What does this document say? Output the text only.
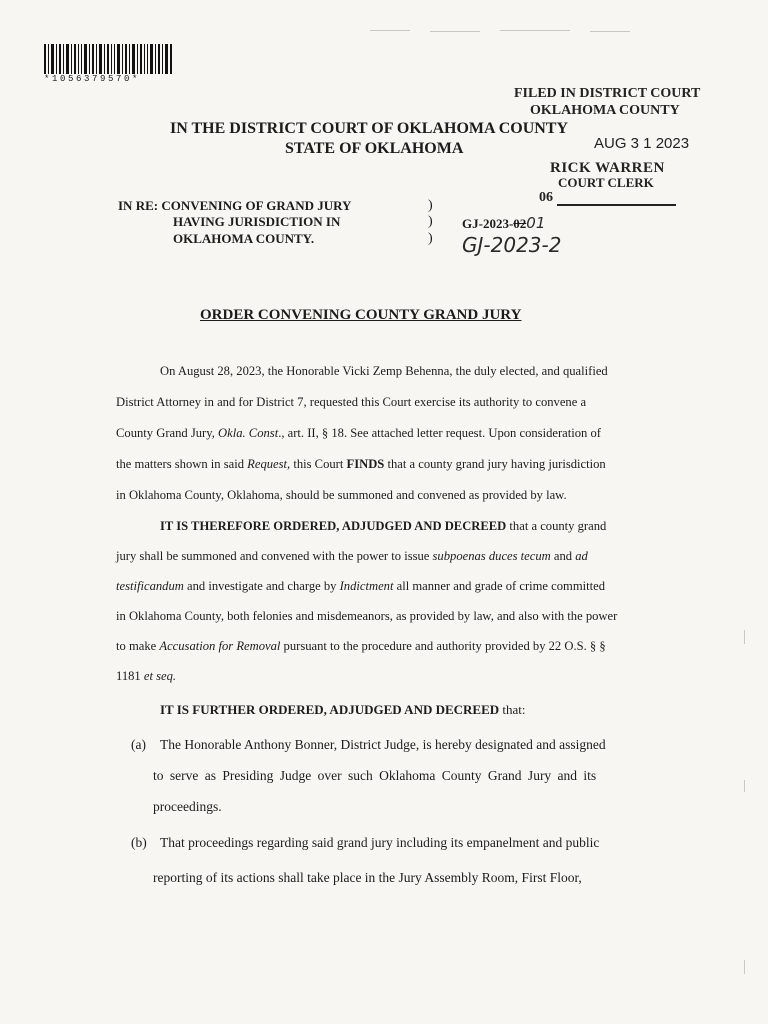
*1056379570*
FILED IN DISTRICT COURT
OKLAHOMA COUNTY
AUG 3 1 2023
RICK WARREN
COURT CLERK
06
IN THE DISTRICT COURT OF OKLAHOMA COUNTY
STATE OF OKLAHOMA
IN RE: CONVENING OF GRAND JURY
HAVING JURISDICTION IN
OKLAHOMA COUNTY.
)
)
)
GJ-2023-0201
GJ-2023-2
ORDER CONVENING COUNTY GRAND JURY
On August 28, 2023, the Honorable Vicki Zemp Behenna, the duly elected, and qualified
District Attorney in and for District 7, requested this Court exercise its authority to convene a
County Grand Jury, Okla. Const., art. II, § 18. See attached letter request. Upon consideration of
the matters shown in said Request, this Court FINDS that a county grand jury having jurisdiction
in Oklahoma County, Oklahoma, should be summoned and convened as provided by law.
IT IS THEREFORE ORDERED, ADJUDGED AND DECREED that a county grand
jury shall be summoned and convened with the power to issue subpoenas duces tecum and ad
testificandum and investigate and charge by Indictment all manner and grade of crime committed
in Oklahoma County, both felonies and misdemeanors, as provided by law, and also with the power
to make Accusation for Removal pursuant to the procedure and authority provided by 22 O.S. § §
1181 et seq.
IT IS FURTHER ORDERED, ADJUDGED AND DECREED that:
(a) The Honorable Anthony Bonner, District Judge, is hereby designated and assigned
to serve as Presiding Judge over such Oklahoma County Grand Jury and its
proceedings.
(b) That proceedings regarding said grand jury including its empanelment and public
reporting of its actions shall take place in the Jury Assembly Room, First Floor,
